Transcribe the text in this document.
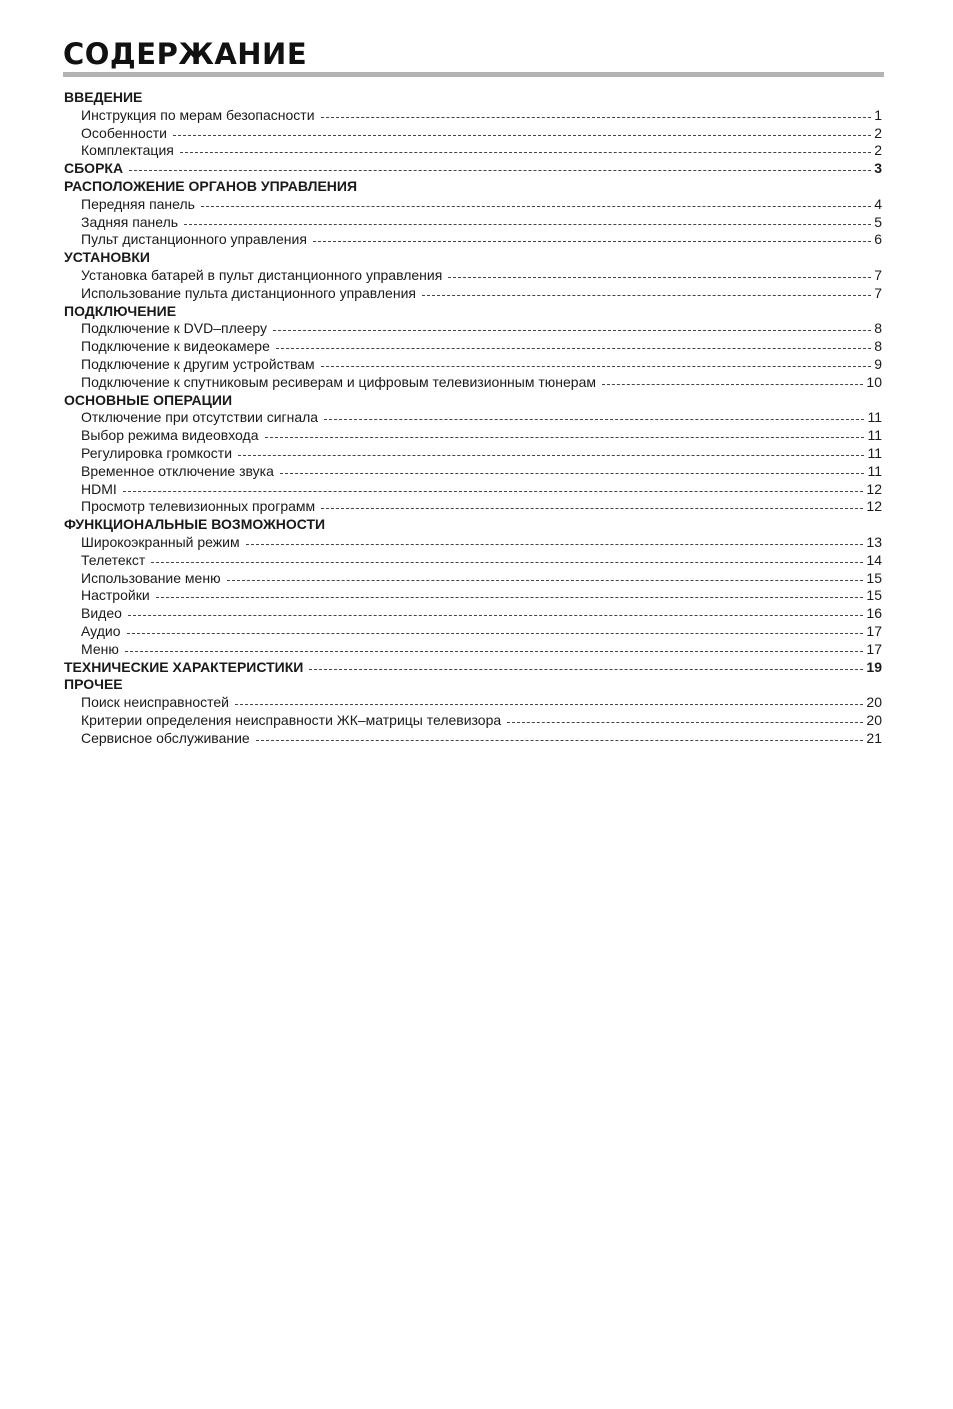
СОДЕРЖАНИЕ
ВВЕДЕНИЕ
Инструкция по мерам безопасности	1
Особенности	2
Комплектация	2
СБОРКА	3
РАСПОЛОЖЕНИЕ ОРГАНОВ УПРАВЛЕНИЯ
Передняя панель	4
Задняя панель	5
Пульт дистанционного управления	6
УСТАНОВКИ
Установка батарей в пульт дистанционного управления	7
Использование пульта дистанционного управления	7
ПОДКЛЮЧЕНИЕ
Подключение к DVD–плееру	8
Подключение к видеокамере	8
Подключение к другим устройствам	9
Подключение к спутниковым ресиверам и цифровым телевизионным тюнерам	10
ОСНОВНЫЕ ОПЕРАЦИИ
Отключение при отсутствии сигнала	11
Выбор режима видеовхода	11
Регулировка громкости	11
Временное отключение звука	11
HDMI	12
Просмотр телевизионных программ	12
ФУНКЦИОНАЛЬНЫЕ ВОЗМОЖНОСТИ
Широкоэкранный режим	13
Телетекст	14
Использование меню	15
Настройки	15
Видео	16
Аудио	17
Меню	17
ТЕХНИЧЕСКИЕ ХАРАКТЕРИСТИКИ	19
ПРОЧЕЕ
Поиск неисправностей	20
Критерии определения неисправности ЖК–матрицы телевизора	20
Сервисное обслуживание	21
